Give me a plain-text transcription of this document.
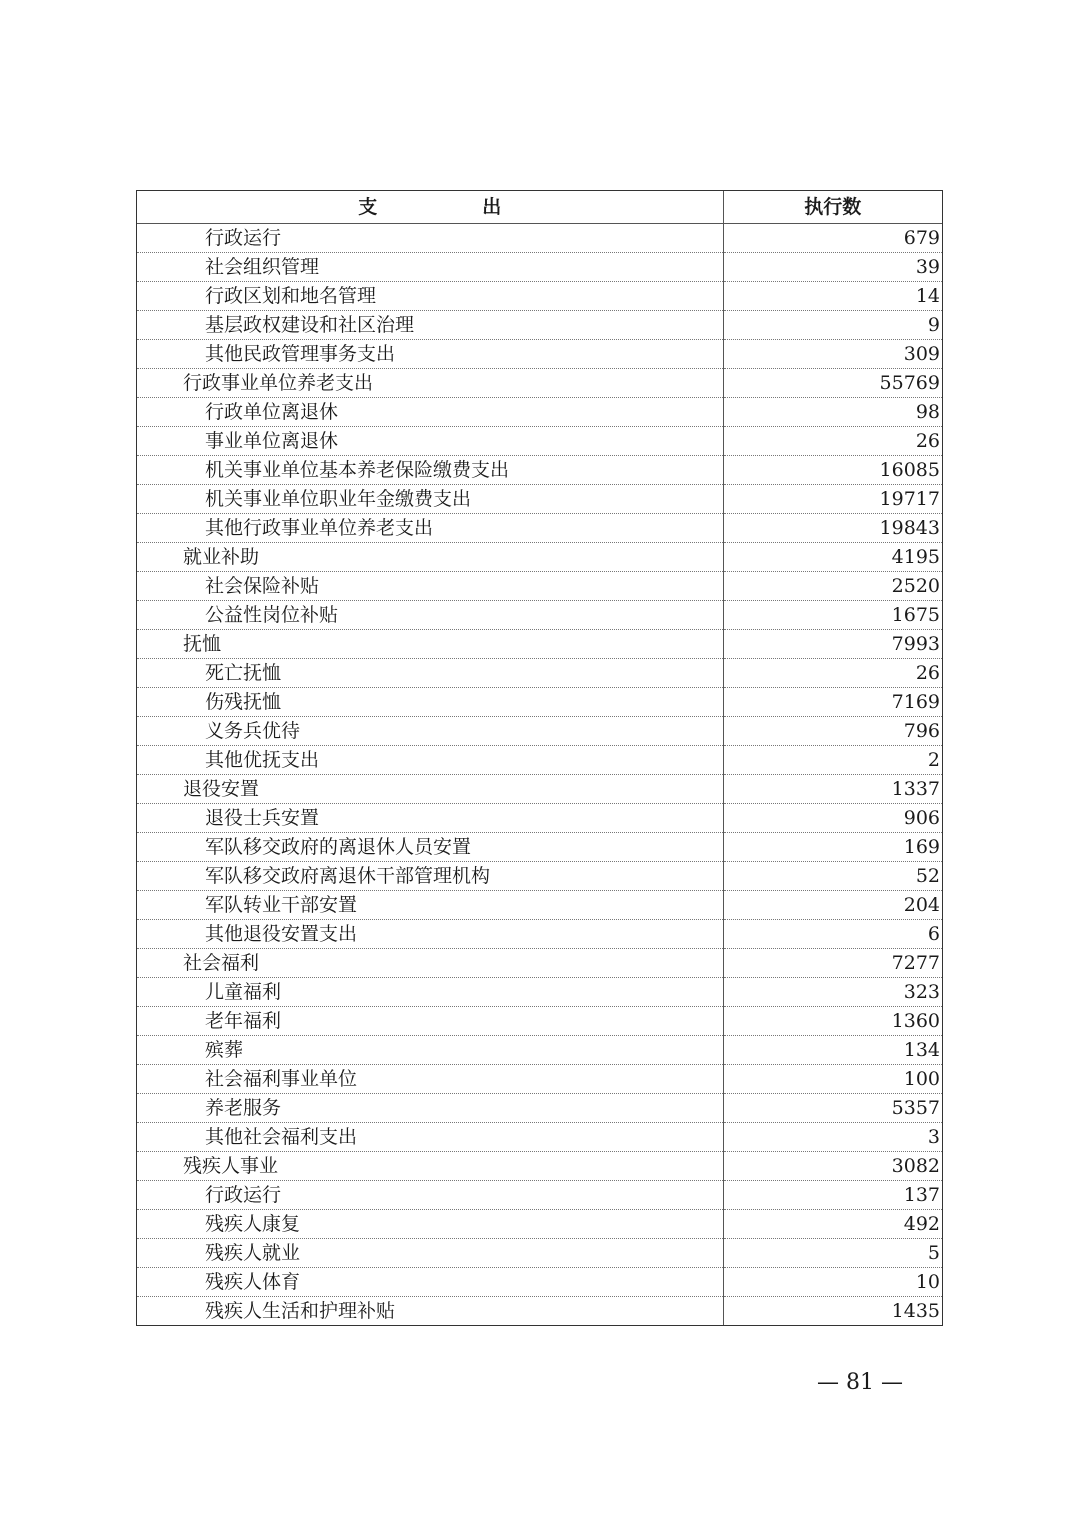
支 出	执行数
行政运行	679
社会组织管理	39
行政区划和地名管理	14
基层政权建设和社区治理	9
其他民政管理事务支出	309
行政事业单位养老支出	55769
行政单位离退休	98
事业单位离退休	26
机关事业单位基本养老保险缴费支出	16085
机关事业单位职业年金缴费支出	19717
其他行政事业单位养老支出	19843
就业补助	4195
社会保险补贴	2520
公益性岗位补贴	1675
抚恤	7993
死亡抚恤	26
伤残抚恤	7169
义务兵优待	796
其他优抚支出	2
退役安置	1337
退役士兵安置	906
军队移交政府的离退休人员安置	169
军队移交政府离退休干部管理机构	52
军队转业干部安置	204
其他退役安置支出	6
社会福利	7277
儿童福利	323
老年福利	1360
殡葬	134
社会福利事业单位	100
养老服务	5357
其他社会福利支出	3
残疾人事业	3082
行政运行	137
残疾人康复	492
残疾人就业	5
残疾人体育	10
残疾人生活和护理补贴	1435
— 81 —
